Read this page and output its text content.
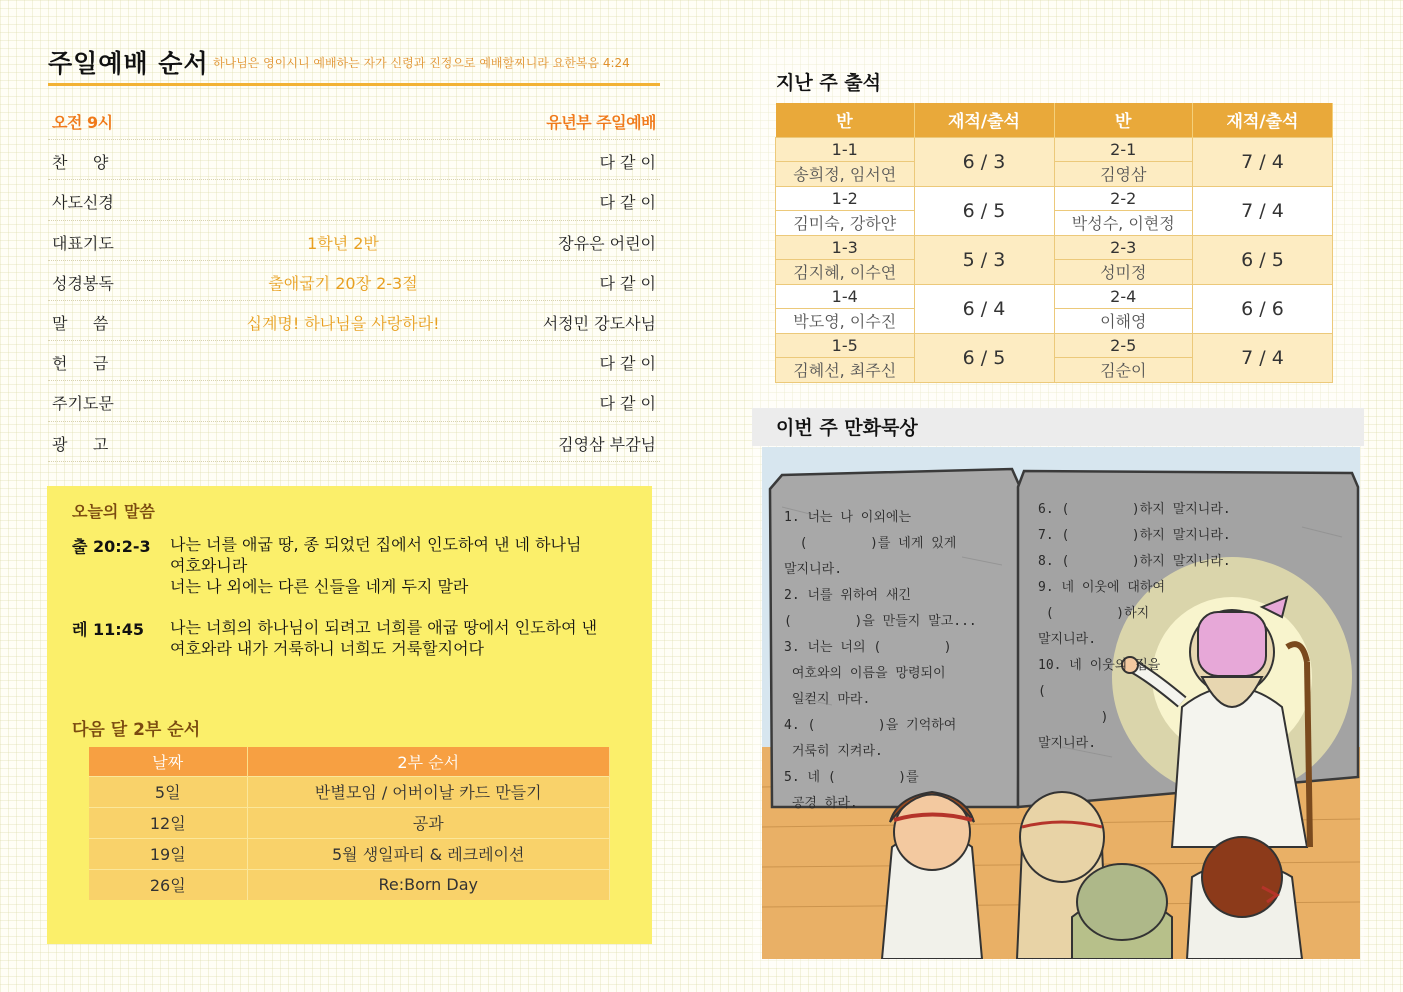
주일예배 순서 하나님은 영이시니 예배하는 자가 신령과 진정으로 예배할찌니라 요한복음 4:24
오전 9시	유년부 주일예배
찬     양	다 같 이
사도신경	다 같 이
대표기도	1학년 2반	장유은 어린이
성경봉독	출애굽기 20장 2-3절	다 같 이
말     씀	십계명! 하나님을 사랑하라!	서정민 강도사님
헌     금	다 같 이
주기도문	다 같 이
광     고	김영삼 부감님
오늘의 말씀
출 20:2-3 나는 너를 애굽 땅, 종 되었던 집에서 인도하여 낸 네 하나님
여호와니라
너는 나 외에는 다른 신들을 네게 두지 말라
레 11:45 나는 너희의 하나님이 되려고 너희를 애굽 땅에서 인도하여 낸
여호와라 내가 거룩하니 너희도 거룩할지어다
다음 달 2부 순서
날짜	2부 순서
5일	반별모임 / 어버이날 카드 만들기
12일	공과
19일	5월 생일파티 & 레크레이션
26일	Re:Born Day
지난 주 출석
반	재적/출석	반	재적/출석
1-1	6 / 3	2-1	7 / 4
송희정, 임서연		김영삼	
1-2	6 / 5	2-2	7 / 4
김미숙, 강하얀		박성수, 이현정	
1-3	5 / 3	2-3	6 / 5
김지혜, 이수연		성미정	
1-4	6 / 4	2-4	6 / 6
박도영, 이수진		이해영	
1-5	6 / 5	2-5	7 / 4
김혜선, 최주신		김순이	
이번 주 만화묵상
1. 너는 나 이외에는
(        )를 네게 있게
말지니라.
2. 너를 위하여 새긴
(        )을 만들지 말고...
3. 너는 너의 (        )
여호와의 이름을 망령되이
일컫지 마라.
4. (        )을 기억하여
거룩히 지켜라.
5. 네 (        )를
공경 하라.
6. (        )하지 말지니라.
7. (        )하지 말지니라.
8. (        )하지 말지니라.
9. 네 이웃에 대하여
(        )하지
말지니라.
10. 네 이웃의 집을
(
)
말지니라.
